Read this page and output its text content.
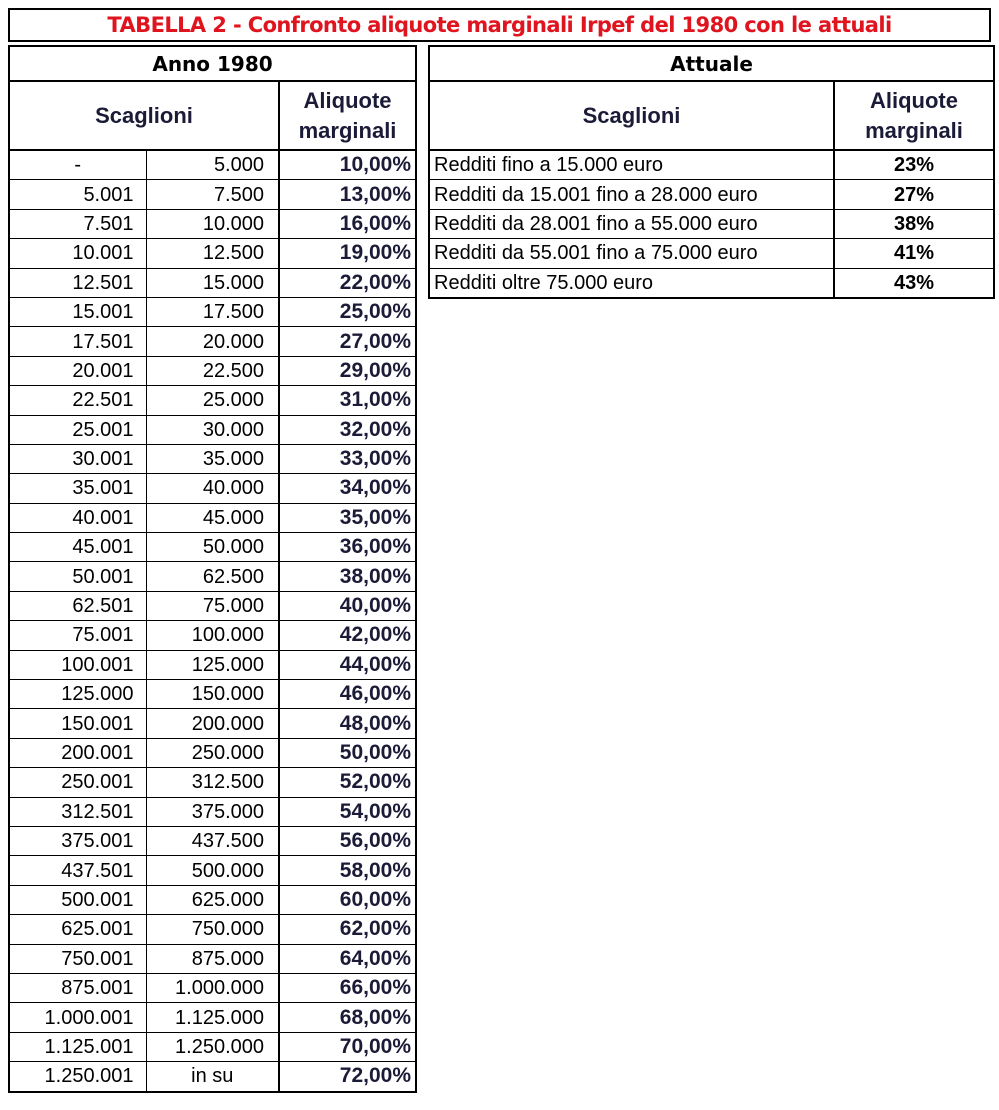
TABELLA 2 - Confronto aliquote marginali Irpef del 1980 con le attuali
Anno 1980		
Scaglioni		Aliquote
marginali

-	5.000	10,00%
5.001	7.500	13,00%
7.501	10.000	16,00%
10.001	12.500	19,00%
12.501	15.000	22,00%
15.001	17.500	25,00%
17.501	20.000	27,00%
20.001	22.500	29,00%
22.501	25.000	31,00%
25.001	30.000	32,00%
30.001	35.000	33,00%
35.001	40.000	34,00%
40.001	45.000	35,00%
45.001	50.000	36,00%
50.001	62.500	38,00%
62.501	75.000	40,00%
75.001	100.000	42,00%
100.001	125.000	44,00%
125.000	150.000	46,00%
150.001	200.000	48,00%
200.001	250.000	50,00%
250.001	312.500	52,00%
312.501	375.000	54,00%
375.001	437.500	56,00%
437.501	500.000	58,00%
500.001	625.000	60,00%
625.001	750.000	62,00%
750.001	875.000	64,00%
875.001	1.000.000	66,00%
1.000.001	1.125.000	68,00%
1.125.001	1.250.000	70,00%
1.250.001	in su	72,00%
Attuale	
Scaglioni	Aliquote
marginali

Redditi fino a 15.000 euro	23%
Redditi da 15.001 fino a 28.000 euro	27%
Redditi da 28.001 fino a 55.000 euro	38%
Redditi da 55.001 fino a 75.000 euro	41%
Redditi oltre 75.000 euro	43%
